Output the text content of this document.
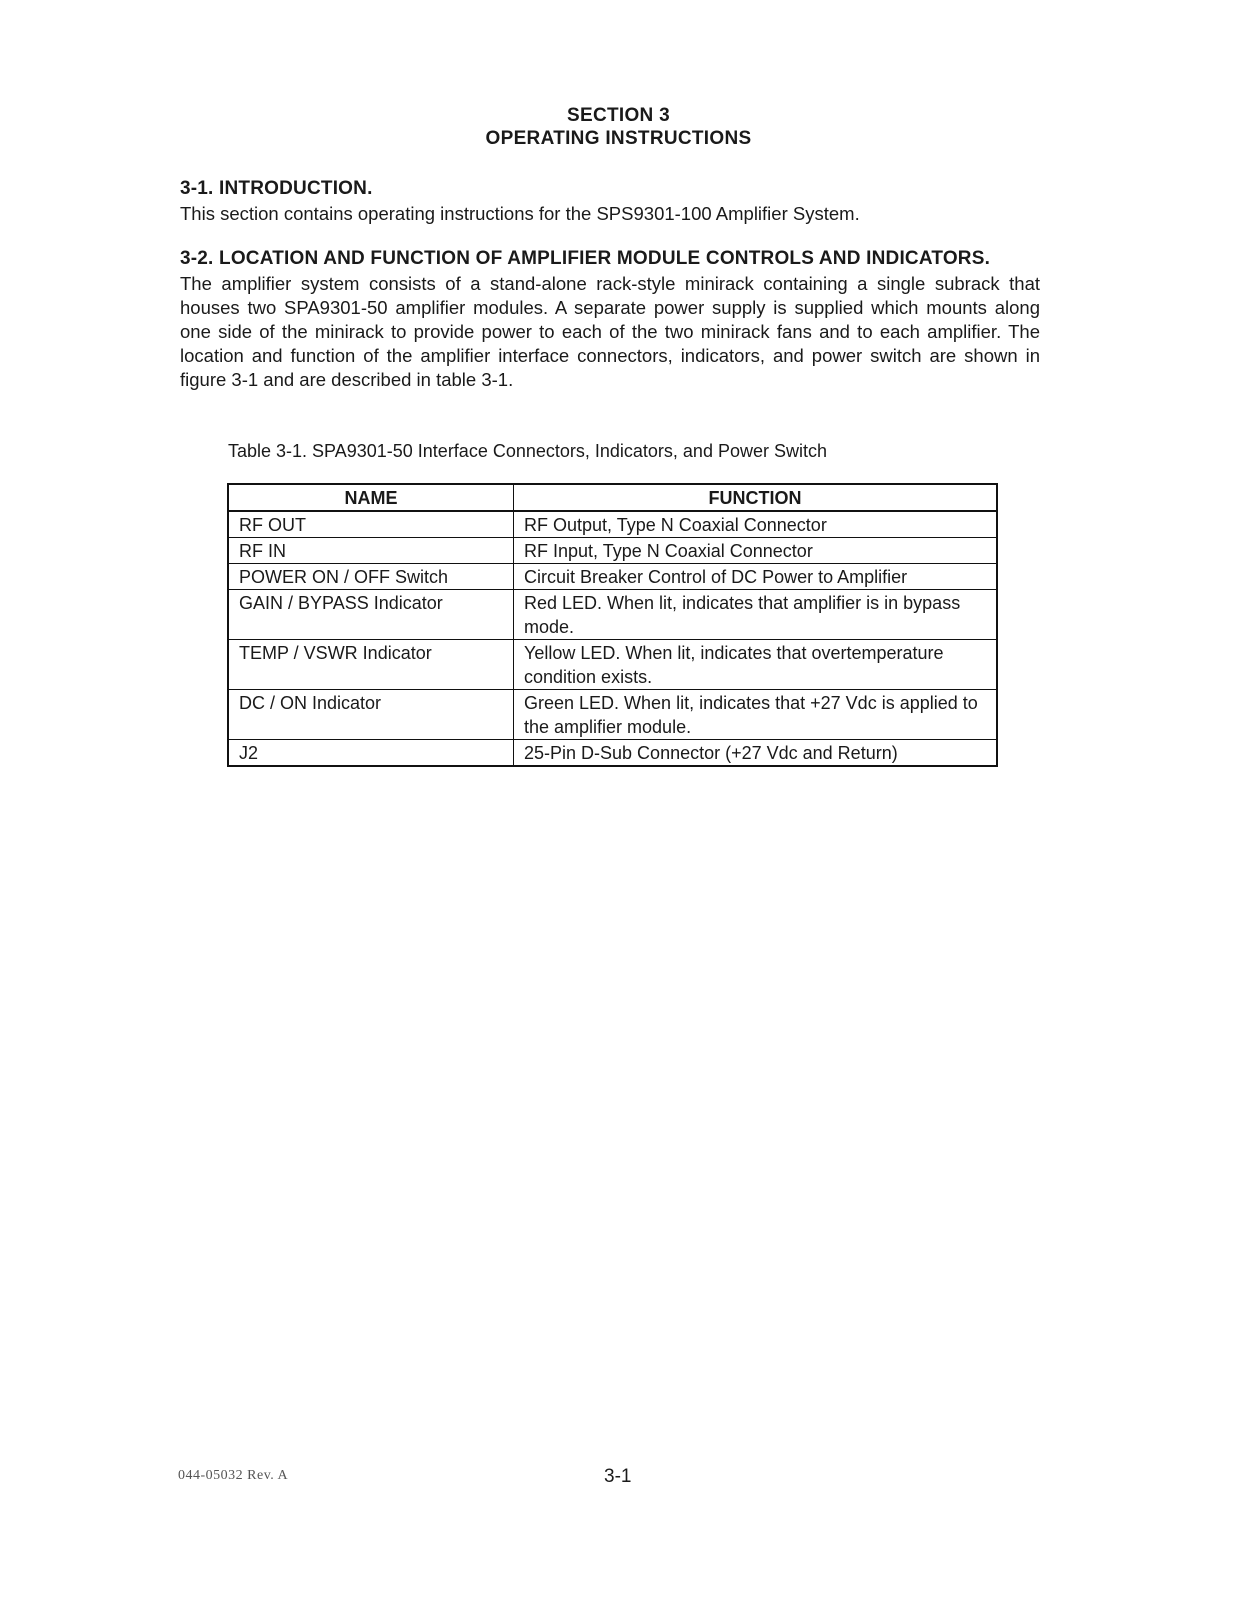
SECTION 3
OPERATING INSTRUCTIONS
3-1. INTRODUCTION.
This section contains operating instructions for the SPS9301-100 Amplifier System.
3-2. LOCATION AND FUNCTION OF AMPLIFIER MODULE CONTROLS AND INDICATORS.
The amplifier system consists of a stand-alone rack-style minirack containing a single subrack that houses two SPA9301-50 amplifier modules. A separate power supply is supplied which mounts along one side of the minirack to provide power to each of the two minirack fans and to each amplifier. The location and function of the amplifier interface connectors, indicators, and power switch are shown in figure 3-1 and are described in table 3-1.
Table 3-1. SPA9301-50 Interface Connectors, Indicators, and Power Switch
NAME	FUNCTION
RF OUT	RF Output, Type N Coaxial Connector
RF IN	RF Input, Type N Coaxial Connector
POWER ON / OFF Switch	Circuit Breaker Control of DC Power to Amplifier
GAIN / BYPASS Indicator	Red LED. When lit, indicates that amplifier is in bypass mode.
TEMP / VSWR Indicator	Yellow LED. When lit, indicates that overtemperature condition exists.
DC / ON Indicator	Green LED. When lit, indicates that +27 Vdc is applied to the amplifier module.
J2	25-Pin D-Sub Connector (+27 Vdc and Return)
044-05032 Rev. A	3-1
